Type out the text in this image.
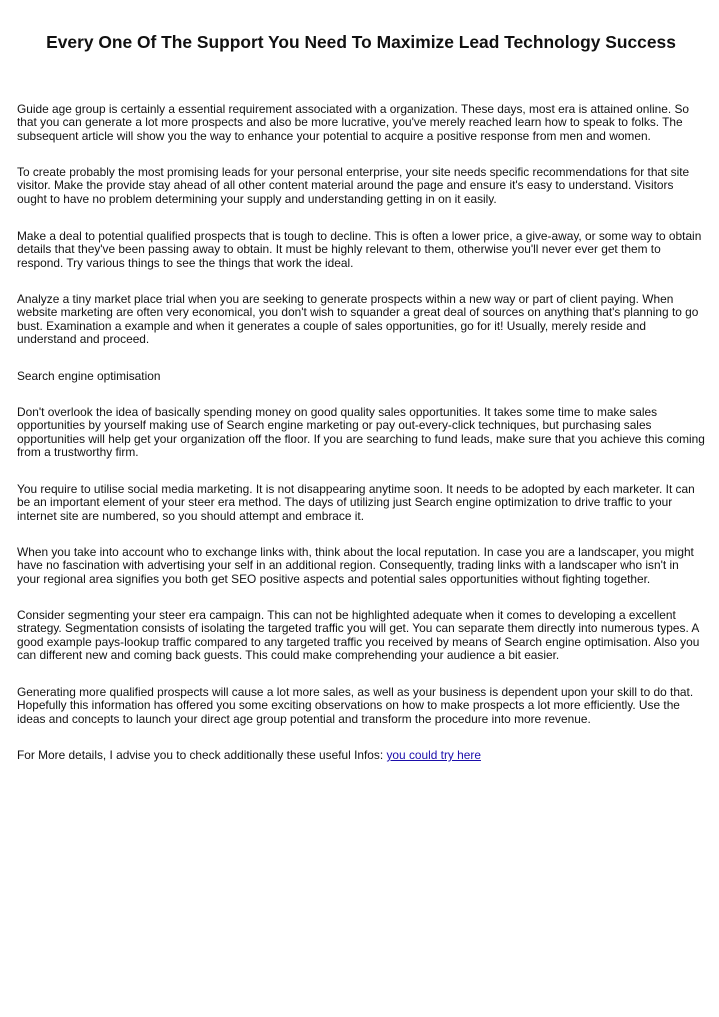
Every One Of The Support You Need To Maximize Lead Technology Success

Guide age group is certainly a essential requirement associated with a organization. These days, most era is attained online. So that you can generate a lot more prospects and also be more lucrative, you've merely reached learn how to speak to folks. The subsequent article will show you the way to enhance your potential to acquire a positive response from men and women.

To create probably the most promising leads for your personal enterprise, your site needs specific recommendations for that site visitor. Make the provide stay ahead of all other content material around the page and ensure it's easy to understand. Visitors ought to have no problem determining your supply and understanding getting in on it easily.

Make a deal to potential qualified prospects that is tough to decline. This is often a lower price, a give-away, or some way to obtain details that they've been passing away to obtain. It must be highly relevant to them, otherwise you'll never ever get them to respond. Try various things to see the things that work the ideal.

Analyze a tiny market place trial when you are seeking to generate prospects within a new way or part of client paying. When website marketing are often very economical, you don't wish to squander a great deal of sources on anything that's planning to go bust. Examination a example and when it generates a couple of sales opportunities, go for it! Usually, merely reside and understand and proceed.

Search engine optimisation

Don't overlook the idea of basically spending money on good quality sales opportunities. It takes some time to make sales opportunities by yourself making use of Search engine marketing or pay out-every-click techniques, but purchasing sales opportunities will help get your organization off the floor. If you are searching to fund leads, make sure that you achieve this coming from a trustworthy firm.

You require to utilise social media marketing. It is not disappearing anytime soon. It needs to be adopted by each marketer. It can be an important element of your steer era method. The days of utilizing just Search engine optimization to drive traffic to your internet site are numbered, so you should attempt and embrace it.

When you take into account who to exchange links with, think about the local reputation. In case you are a landscaper, you might have no fascination with advertising your self in an additional region. Consequently, trading links with a landscaper who isn't in your regional area signifies you both get SEO positive aspects and potential sales opportunities without fighting together.

Consider segmenting your steer era campaign. This can not be highlighted adequate when it comes to developing a excellent strategy. Segmentation consists of isolating the targeted traffic you will get. You can separate them directly into numerous types. A good example pays-lookup traffic compared to any targeted traffic you received by means of Search engine optimisation. Also you can different new and coming back guests. This could make comprehending your audience a bit easier.

Generating more qualified prospects will cause a lot more sales, as well as your business is dependent upon your skill to do that. Hopefully this information has offered you some exciting observations on how to make prospects a lot more efficiently. Use the ideas and concepts to launch your direct age group potential and transform the procedure into more revenue.

For More details, I advise you to check additionally these useful Infos: you could try here
